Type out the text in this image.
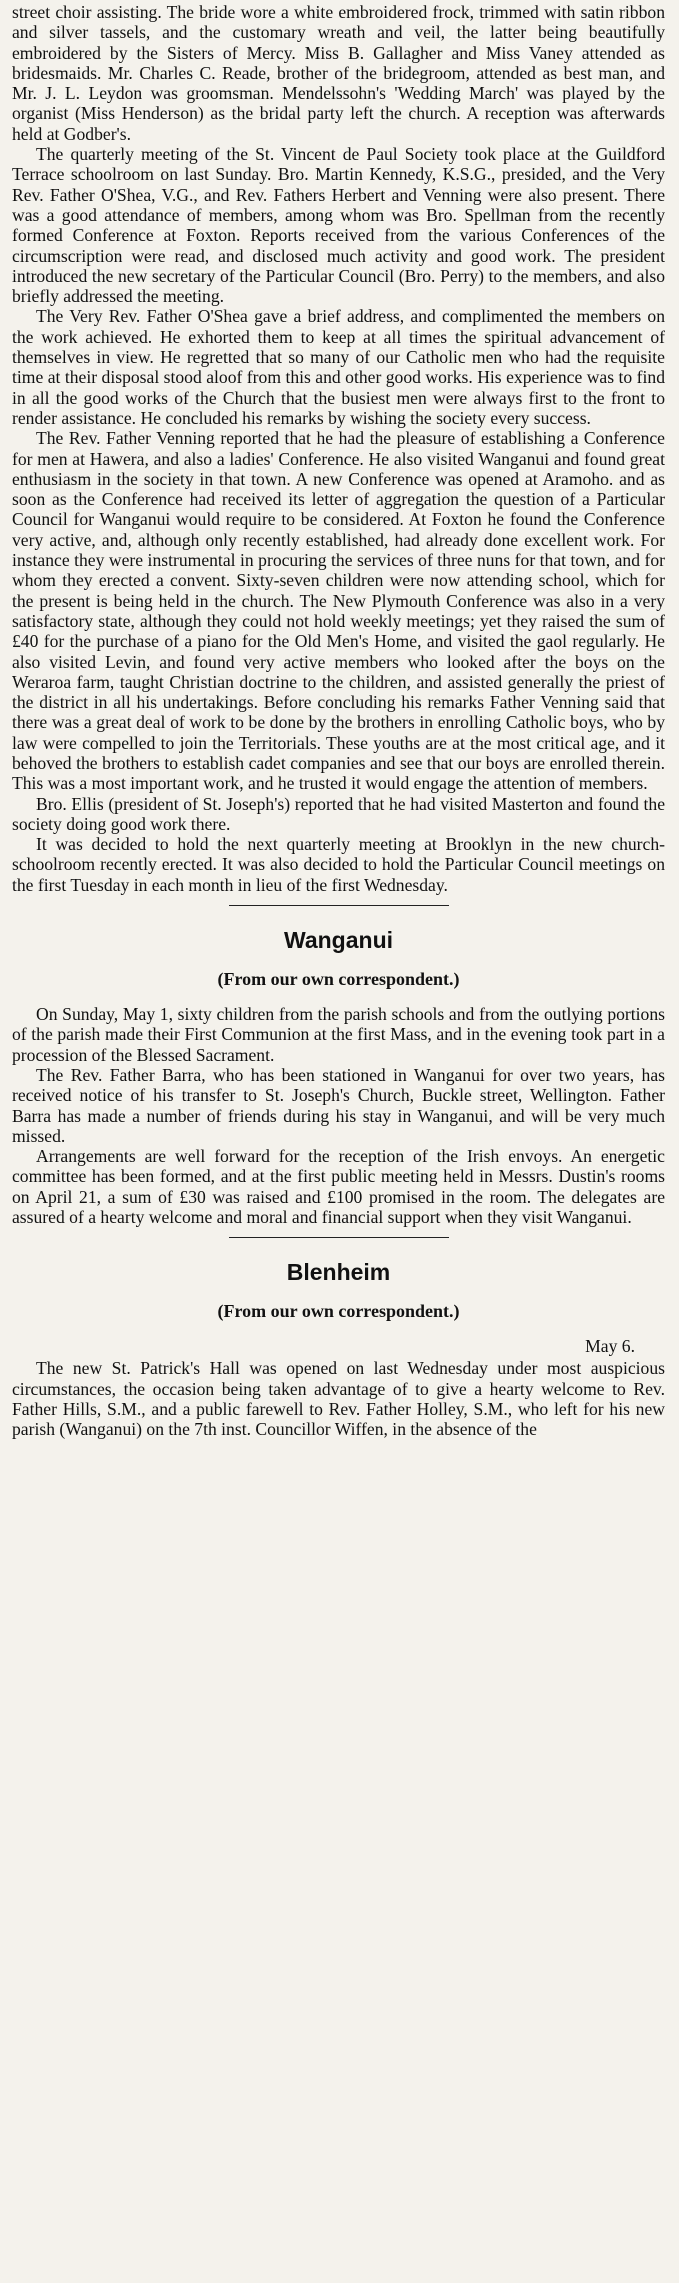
street choir assisting. The bride wore a white embroidered frock, trimmed with satin ribbon and silver tassels, and the customary wreath and veil, the latter being beautifully embroidered by the Sisters of Mercy. Miss B. Gallagher and Miss Vaney attended as bridesmaids. Mr. Charles C. Reade, brother of the bridegroom, attended as best man, and Mr. J. L. Leydon was groomsman. Mendelssohn's 'Wedding March' was played by the organist (Miss Henderson) as the bridal party left the church. A reception was afterwards held at Godber's.

The quarterly meeting of the St. Vincent de Paul Society took place at the Guildford Terrace schoolroom on last Sunday. Bro. Martin Kennedy, K.S.G., presided, and the Very Rev. Father O'Shea, V.G., and Rev. Fathers Herbert and Venning were also present. There was a good attendance of members, among whom was Bro. Spellman from the recently formed Conference at Foxton. Reports received from the various Conferences of the circumscription were read, and disclosed much activity and good work. The president introduced the new secretary of the Particular Council (Bro. Perry) to the members, and also briefly addressed the meeting.

The Very Rev. Father O'Shea gave a brief address, and complimented the members on the work achieved. He exhorted them to keep at all times the spiritual advancement of themselves in view. He regretted that so many of our Catholic men who had the requisite time at their disposal stood aloof from this and other good works. His experience was to find in all the good works of the Church that the busiest men were always first to the front to render assistance. He concluded his remarks by wishing the society every success.

The Rev. Father Venning reported that he had the pleasure of establishing a Conference for men at Hawera, and also a ladies' Conference. He also visited Wanganui and found great enthusiasm in the society in that town. A new Conference was opened at Aramoho. and as soon as the Conference had received its letter of aggregation the question of a Particular Council for Wanganui would require to be considered. At Foxton he found the Conference very active, and, although only recently established, had already done excellent work. For instance they were instrumental in procuring the services of three nuns for that town, and for whom they erected a convent. Sixty-seven children were now attending school, which for the present is being held in the church. The New Plymouth Conference was also in a very satisfactory state, although they could not hold weekly meetings; yet they raised the sum of £40 for the purchase of a piano for the Old Men's Home, and visited the gaol regularly. He also visited Levin, and found very active members who looked after the boys on the Weraroa farm, taught Christian doctrine to the children, and assisted generally the priest of the district in all his undertakings. Before concluding his remarks Father Venning said that there was a great deal of work to be done by the brothers in enrolling Catholic boys, who by law were compelled to join the Territorials. These youths are at the most critical age, and it behoved the brothers to establish cadet companies and see that our boys are enrolled therein. This was a most important work, and he trusted it would engage the attention of members.

Bro. Ellis (president of St. Joseph's) reported that he had visited Masterton and found the society doing good work there.

It was decided to hold the next quarterly meeting at Brooklyn in the new church-schoolroom recently erected. It was also decided to hold the Particular Council meetings on the first Tuesday in each month in lieu of the first Wednesday.

Wanganui
(From our own correspondent.)

On Sunday, May 1, sixty children from the parish schools and from the outlying portions of the parish made their First Communion at the first Mass, and in the evening took part in a procession of the Blessed Sacrament.

The Rev. Father Barra, who has been stationed in Wanganui for over two years, has received notice of his transfer to St. Joseph's Church, Buckle street, Wellington. Father Barra has made a number of friends during his stay in Wanganui, and will be very much missed.

Arrangements are well forward for the reception of the Irish envoys. An energetic committee has been formed, and at the first public meeting held in Messrs. Dustin's rooms on April 21, a sum of £30 was raised and £100 promised in the room. The delegates are assured of a hearty welcome and moral and financial support when they visit Wanganui.

Blenheim
(From our own correspondent.)
May 6.

The new St. Patrick's Hall was opened on last Wednesday under most auspicious circumstances, the occasion being taken advantage of to give a hearty welcome to Rev. Father Hills, S.M., and a public farewell to Rev. Father Holley, S.M., who left for his new parish (Wanganui) on the 7th inst. Councillor Wiffen, in the absence of the
